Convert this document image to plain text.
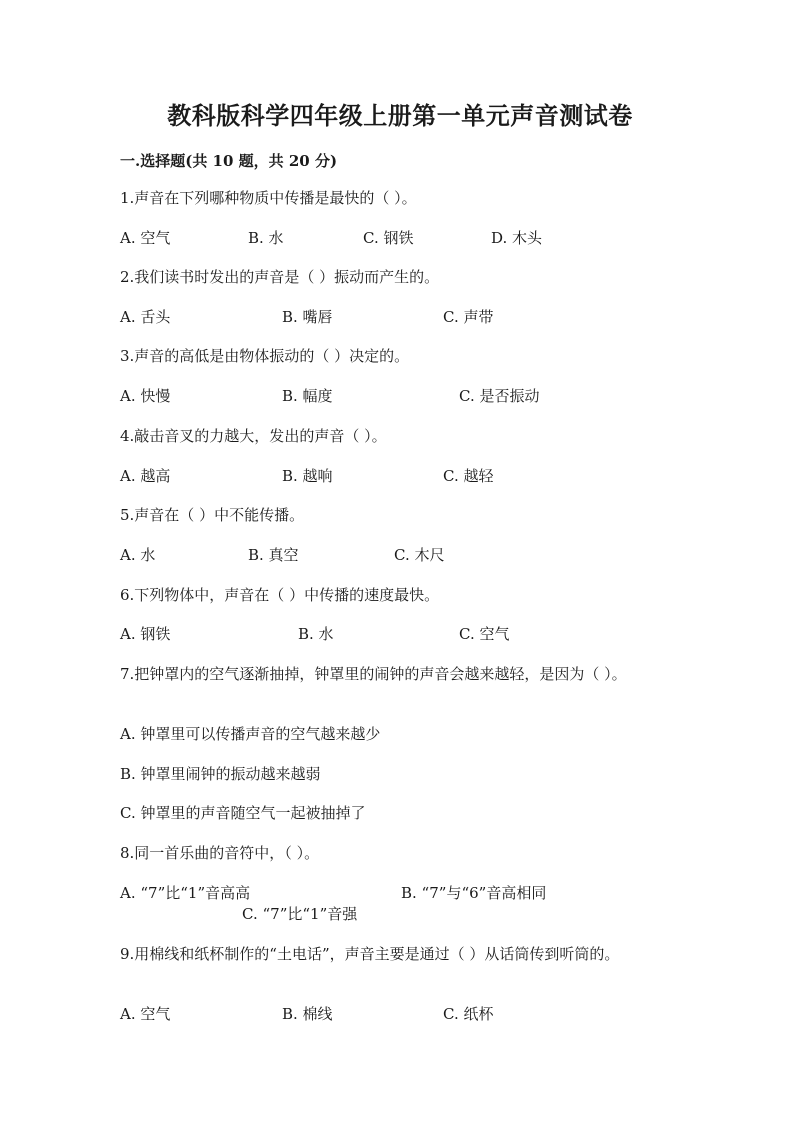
教科版科学四年级上册第一单元声音测试卷
一.选择题(共 10 题，共 20 分)
1.声音在下列哪种物质中传播是最快的（ ）。
A. 空气	B. 水	C. 钢铁	D. 木头
2.我们读书时发出的声音是（ ）振动而产生的。
A. 舌头	B. 嘴唇	C. 声带
3.声音的高低是由物体振动的（ ）决定的。
A. 快慢	B. 幅度	C. 是否振动
4.敲击音叉的力越大，发出的声音（ ）。
A. 越高	B. 越响	C. 越轻
5.声音在（ ）中不能传播。
A. 水	B. 真空	C. 木尺
6.下列物体中，声音在（ ）中传播的速度最快。
A. 钢铁	B. 水	C. 空气
7.把钟罩内的空气逐渐抽掉，钟罩里的闹钟的声音会越来越轻，是因为（ ）。
A. 钟罩里可以传播声音的空气越来越少
B. 钟罩里闹钟的振动越来越弱
C. 钟罩里的声音随空气一起被抽掉了
8.同一首乐曲的音符中，（ ）。
A. “7”比“1”音高高	B. “7”与“6”音高相同
C. “7”比“1”音强
9.用棉线和纸杯制作的“土电话”，声音主要是通过（ ）从话筒传到听筒的。
A. 空气	B. 棉线	C. 纸杯
